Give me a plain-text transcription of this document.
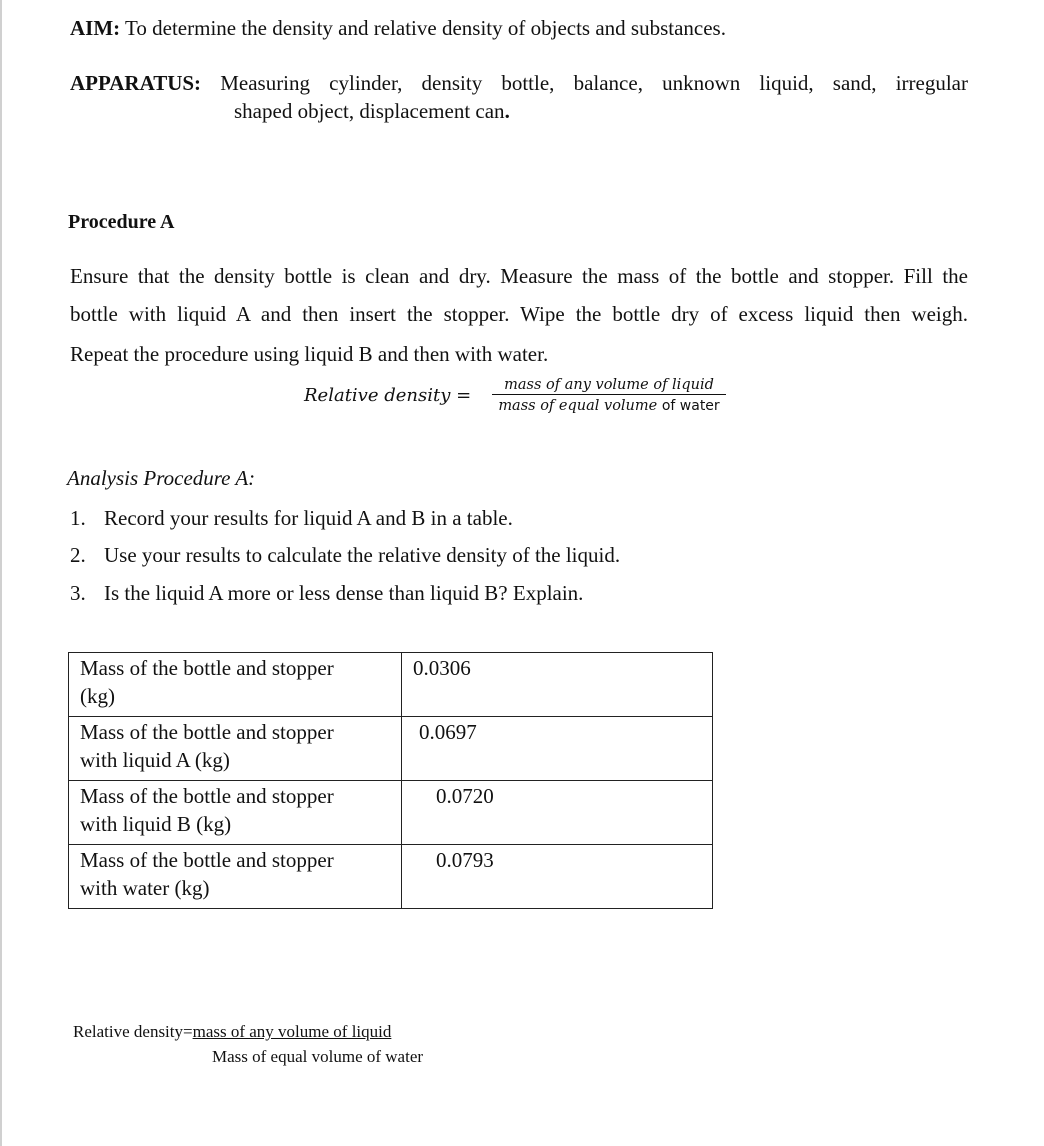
AIM: To determine the density and relative density of objects and substances.
APPARATUS: Measuring cylinder, density bottle, balance, unknown liquid, sand, irregular
shaped object, displacement can.
Procedure A
Ensure that the density bottle is clean and dry. Measure the mass of the bottle and stopper. Fill the
bottle with liquid A and then insert the stopper. Wipe the bottle dry of excess liquid then weigh.
Repeat the procedure using liquid B and then with water.
Relative density =	mass of any volume of liquid
mass of equal volume of water
Analysis Procedure A:
1. Record your results for liquid A and B in a table.
2. Use your results to calculate the relative density of the liquid.
3. Is the liquid A more or less dense than liquid B? Explain.
Mass of the bottle and stopper
(kg)	0.0306

Mass of the bottle and stopper
with liquid A (kg)	0.0697

Mass of the bottle and stopper
with liquid B (kg)	0.0720

Mass of the bottle and stopper
with water (kg)	0.0793
Relative density=mass of any volume of liquid
Mass of equal volume of water
